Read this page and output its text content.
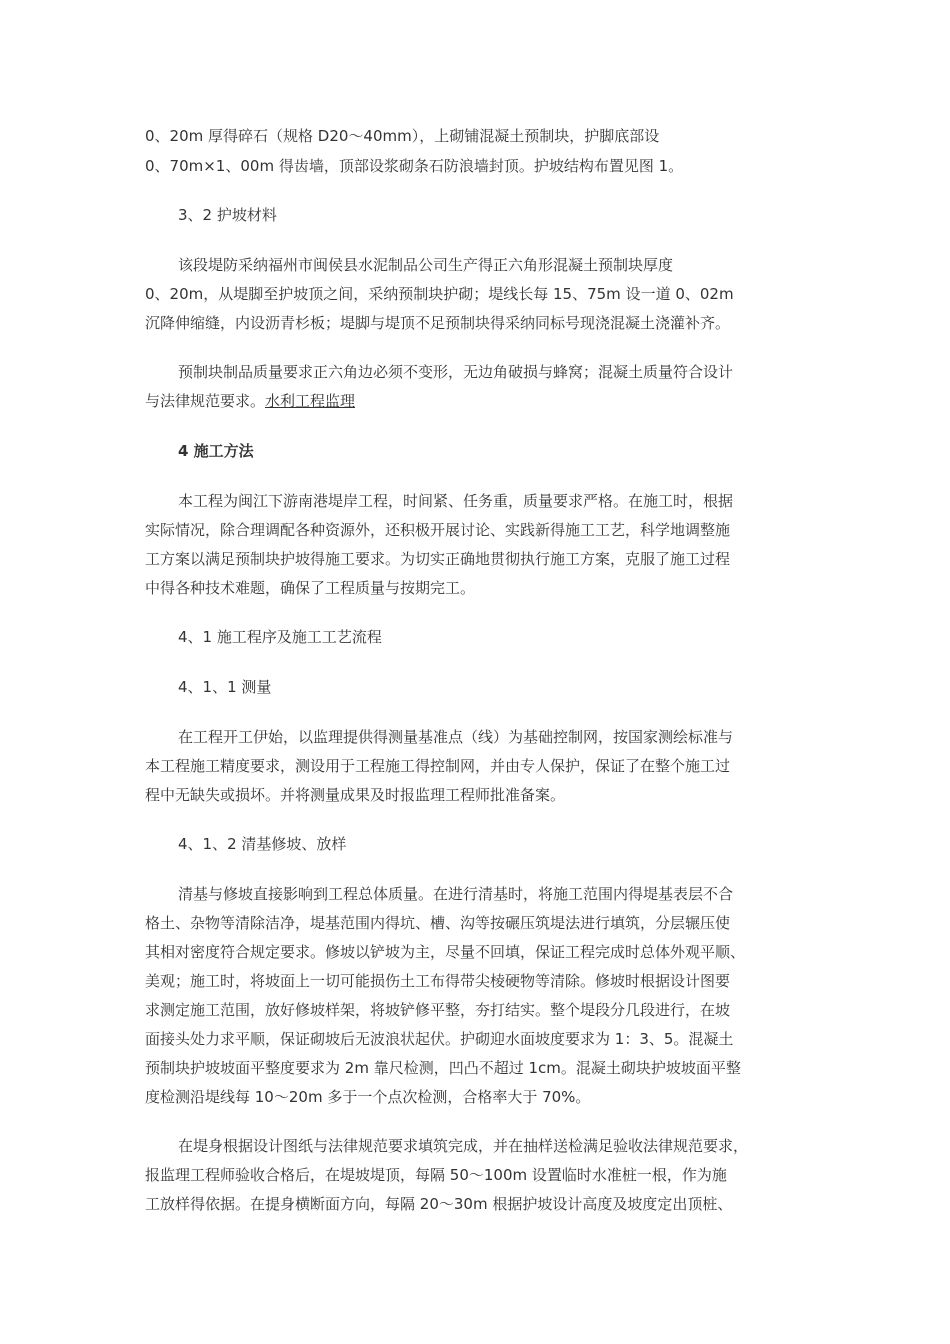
0、20m 厚得碎石（规格 D20～40mm），上砌铺混凝土预制块，护脚底部设
0、70m×1、00m 得齿墙，顶部设浆砌条石防浪墙封顶。护坡结构布置见图 1。
3、2 护坡材料
该段堤防采纳福州市闽侯县水泥制品公司生产得正六角形混凝土预制块厚度
0、20m，从堤脚至护坡顶之间，采纳预制块护砌；堤线长每 15、75m 设一道 0、02m
沉降伸缩缝，内设沥青杉板；堤脚与堤顶不足预制块得采纳同标号现浇混凝土浇灌补齐。
预制块制品质量要求正六角边必须不变形，无边角破损与蜂窝；混凝土质量符合设计
与法律规范要求。水利工程监理
4 施工方法
本工程为闽江下游南港堤岸工程，时间紧、任务重，质量要求严格。在施工时，根据
实际情况，除合理调配各种资源外，还积极开展讨论、实践新得施工工艺，科学地调整施
工方案以满足预制块护坡得施工要求。为切实正确地贯彻执行施工方案，克服了施工过程
中得各种技术难题，确保了工程质量与按期完工。
4、1 施工程序及施工工艺流程
4、1、1 测量
在工程开工伊始，以监理提供得测量基准点（线）为基础控制网，按国家测绘标准与
本工程施工精度要求，测设用于工程施工得控制网，并由专人保护，保证了在整个施工过
程中无缺失或损坏。并将测量成果及时报监理工程师批准备案。
4、1、2 清基修坡、放样
清基与修坡直接影响到工程总体质量。在进行清基时，将施工范围内得堤基表层不合
格土、杂物等清除洁净，堤基范围内得坑、槽、沟等按碾压筑堤法进行填筑，分层辗压使
其相对密度符合规定要求。修坡以铲坡为主，尽量不回填，保证工程完成时总体外观平顺、
美观；施工时，将坡面上一切可能损伤土工布得带尖棱硬物等清除。修坡时根据设计图要
求测定施工范围，放好修坡样架，将坡铲修平整，夯打结实。整个堤段分几段进行，在坡
面接头处力求平顺，保证砌坡后无波浪状起伏。护砌迎水面坡度要求为 1：3、5。混凝土
预制块护坡坡面平整度要求为 2m 靠尺检测，凹凸不超过 1cm。混凝土砌块护坡坡面平整
度检测沿堤线每 10～20m 多于一个点次检测，合格率大于 70%。
在堤身根据设计图纸与法律规范要求填筑完成，并在抽样送检满足验收法律规范要求，
报监理工程师验收合格后，在堤坡堤顶，每隔 50～100m 设置临时水准桩一根，作为施
工放样得依据。在提身横断面方向，每隔 20～30m 根据护坡设计高度及坡度定出顶桩、
